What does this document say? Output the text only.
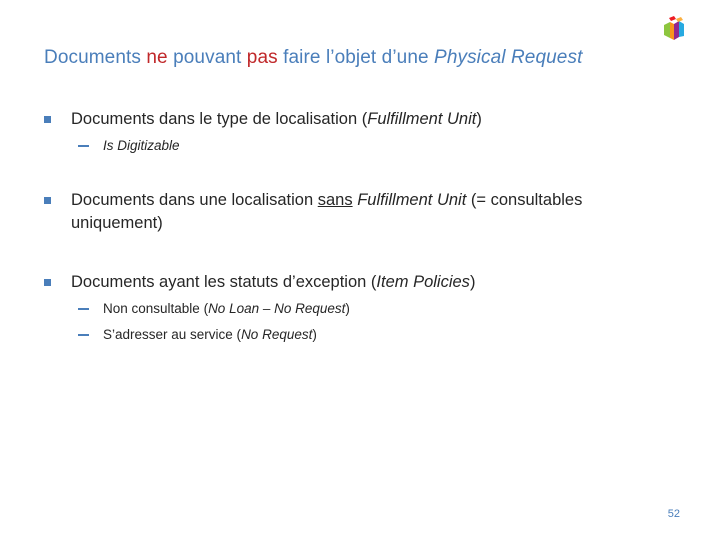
Documents ne pouvant pas faire l’objet d’une Physical Request
Documents dans le type de localisation (Fulfillment Unit)
Is Digitizable
Documents dans une localisation sans Fulfillment Unit (= consultables uniquement)
Documents ayant les statuts d’exception (Item Policies)
Non consultable (No Loan – No Request)
S’adresser au service (No Request)
52
